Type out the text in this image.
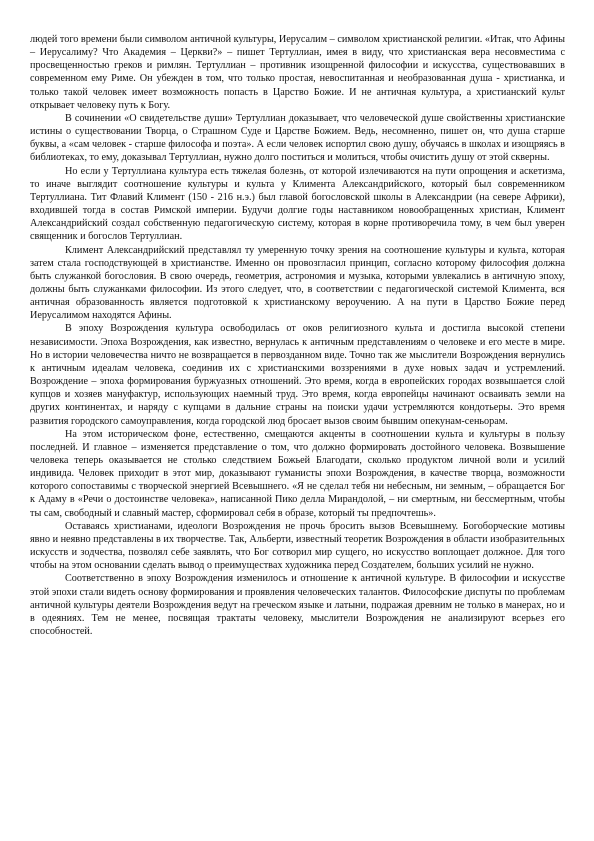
людей того времени были символом античной культуры, Иерусалим – символом христианской религии. «Итак, что Афины – Иерусалиму? Что Академия – Церкви?» – пишет Тертуллиан, имея в виду, что христианская вера несовместима с просвещенностью греков и римлян. Тертуллиан – противник изощренной философии и искусства, существовавших в современном ему Риме. Он убежден в том, что только простая, невоспитанная и необразованная душа - христианка, и только такой человек имеет возможность попасть в Царство Божие. И не античная культура, а христианский культ открывает человеку путь к Богу.

В сочинении «О свидетельстве души» Тертуллиан доказывает, что человеческой душе свойственны христианские истины о существовании Творца, о Страшном Суде и Царстве Божием. Ведь, несомненно, пишет он, что душа старше буквы, а «сам человек - старше философа и поэта». А если человек испортил свою душу, обучаясь в школах и изощряясь в библиотеках, то ему, доказывал Тертуллиан, нужно долго поститься и молиться, чтобы очистить душу от этой скверны.

Но если у Тертуллиана культура есть тяжелая болезнь, от которой излечиваются на пути опрощения и аскетизма, то иначе выглядит соотношение культуры и культа у Климента Александрийского, который был современником Тертуллиана. Тит Флавий Климент (150 - 216 н.э.) был главой богословской школы в Александрии (на севере Африки), входившей тогда в состав Римской империи. Будучи долгие годы наставником новообращенных христиан, Климент Александрийский создал собственную педагогическую систему, которая в корне противоречила тому, в чем был уверен священник и богослов Тертуллиан.

Климент Александрийский представлял ту умеренную точку зрения на соотношение культуры и культа, которая затем стала господствующей в христианстве. Именно он провозгласил принцип, согласно которому философия должна быть служанкой богословия. В свою очередь, геометрия, астрономия и музыка, которыми увлекались в античную эпоху, должны быть служанками философии. Из этого следует, что, в соответствии с педагогической системой Климента, вся античная образованность является подготовкой к христианскому вероучению. А на пути в Царство Божие перед Иерусалимом находятся Афины.

В эпоху Возрождения культура освободилась от оков религиозного культа и достигла высокой степени независимости. Эпоха Возрождения, как известно, вернулась к античным представлениям о человеке и его месте в мире. Но в истории человечества ничто не возвращается в первозданном виде. Точно так же мыслители Возрождения вернулись к античным идеалам человека, соединив их с христианскими воззрениями в духе новых задач и устремлений. Возрождение – эпоха формирования буржуазных отношений. Это время, когда в европейских городах возвышается слой купцов и хозяев мануфактур, использующих наемный труд. Это время, когда европейцы начинают осваивать земли на других континентах, и наряду с купцами в дальние страны на поиски удачи устремляются кондотьеры. Это время развития городского самоуправления, когда городской люд бросает вызов своим бывшим опекунам-сеньорам.

На этом историческом фоне, естественно, смещаются акценты в соотношении культа и культуры в пользу последней. И главное – изменяется представление о том, что должно формировать достойного человека. Возвышение человека теперь оказывается не столько следствием Божьей Благодати, сколько продуктом личной воли и усилий индивида. Человек приходит в этот мир, доказывают гуманисты эпохи Возрождения, в качестве творца, возможности которого сопоставимы с творческой энергией Всевышнего. «Я не сделал тебя ни небесным, ни земным, – обращается Бог к Адаму в «Речи о достоинстве человека», написанной Пико делла Мирандолой, – ни смертным, ни бессмертным, чтобы ты сам, свободный и славный мастер, сформировал себя в образе, который ты предпочтешь».

Оставаясь христианами, идеологи Возрождения не прочь бросить вызов Всевышнему. Богоборческие мотивы явно и неявно представлены в их творчестве. Так, Альберти, известный теоретик Возрождения в области изобразительных искусств и зодчества, позволял себе заявлять, что Бог сотворил мир сущего, но искусство воплощает должное. Для того чтобы на этом основании сделать вывод о преимуществах художника перед Создателем, больших усилий не нужно.

Соответственно в эпоху Возрождения изменилось и отношение к античной культуре. В философии и искусстве этой эпохи стали видеть основу формирования и проявления человеческих талантов. Философские диспуты по проблемам античной культуры деятели Возрождения ведут на греческом языке и латыни, подражая древним не только в манерах, но и в одеяниях. Тем не менее, посвящая трактаты человеку, мыслители Возрождения не анализируют всерьез его способностей.
